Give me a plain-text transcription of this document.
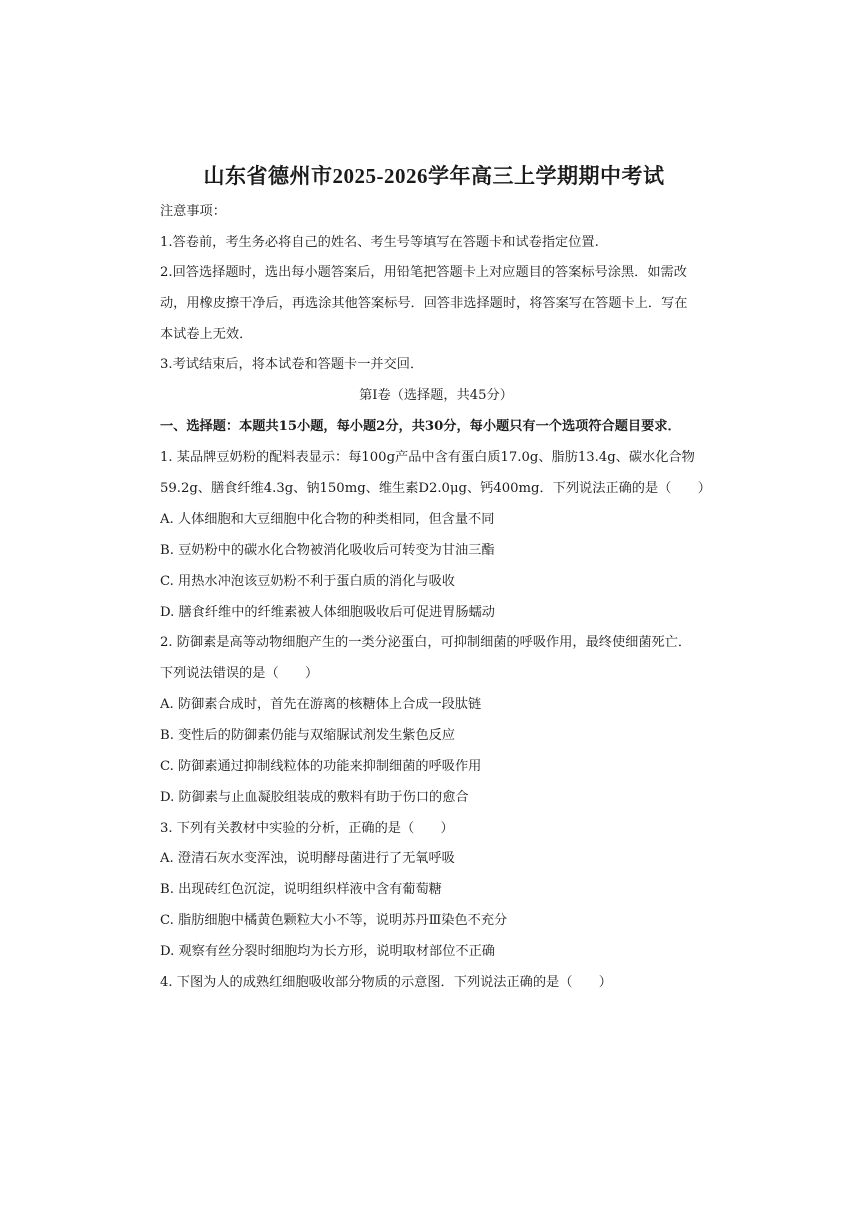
山东省德州市2025-2026学年高三上学期期中考试
注意事项：
1.答卷前，考生务必将自己的姓名、考生号等填写在答题卡和试卷指定位置.
2.回答选择题时，选出每小题答案后，用铅笔把答题卡上对应题目的答案标号涂黑．如需改
动，用橡皮擦干净后，再选涂其他答案标号．回答非选择题时，将答案写在答题卡上．写在
本试卷上无效．
3.考试结束后，将本试卷和答题卡一并交回．
第Ⅰ卷（选择题，共45分）
一、选择题：本题共15小题，每小题2分，共30分，每小题只有一个选项符合题目要求．
1. 某品牌豆奶粉的配料表显示：每100g产品中含有蛋白质17.0g、脂肪13.4g、碳水化合物
59.2g、膳食纤维4.3g、钠150mg、维生素D2.0μg、钙400mg．下列说法正确的是（　　）
A. 人体细胞和大豆细胞中化合物的种类相同，但含量不同
B. 豆奶粉中的碳水化合物被消化吸收后可转变为甘油三酯
C. 用热水冲泡该豆奶粉不利于蛋白质的消化与吸收
D. 膳食纤维中的纤维素被人体细胞吸收后可促进胃肠蠕动
2. 防御素是高等动物细胞产生的一类分泌蛋白，可抑制细菌的呼吸作用，最终使细菌死亡．
下列说法错误的是（　　）
A. 防御素合成时，首先在游离的核糖体上合成一段肽链
B. 变性后的防御素仍能与双缩脲试剂发生紫色反应
C. 防御素通过抑制线粒体的功能来抑制细菌的呼吸作用
D. 防御素与止血凝胶组装成的敷料有助于伤口的愈合
3. 下列有关教材中实验的分析，正确的是（　　）
A. 澄清石灰水变浑浊，说明酵母菌进行了无氧呼吸
B. 出现砖红色沉淀，说明组织样液中含有葡萄糖
C. 脂肪细胞中橘黄色颗粒大小不等，说明苏丹Ⅲ染色不充分
D. 观察有丝分裂时细胞均为长方形，说明取材部位不正确
4. 下图为人的成熟红细胞吸收部分物质的示意图．下列说法正确的是（　　）
